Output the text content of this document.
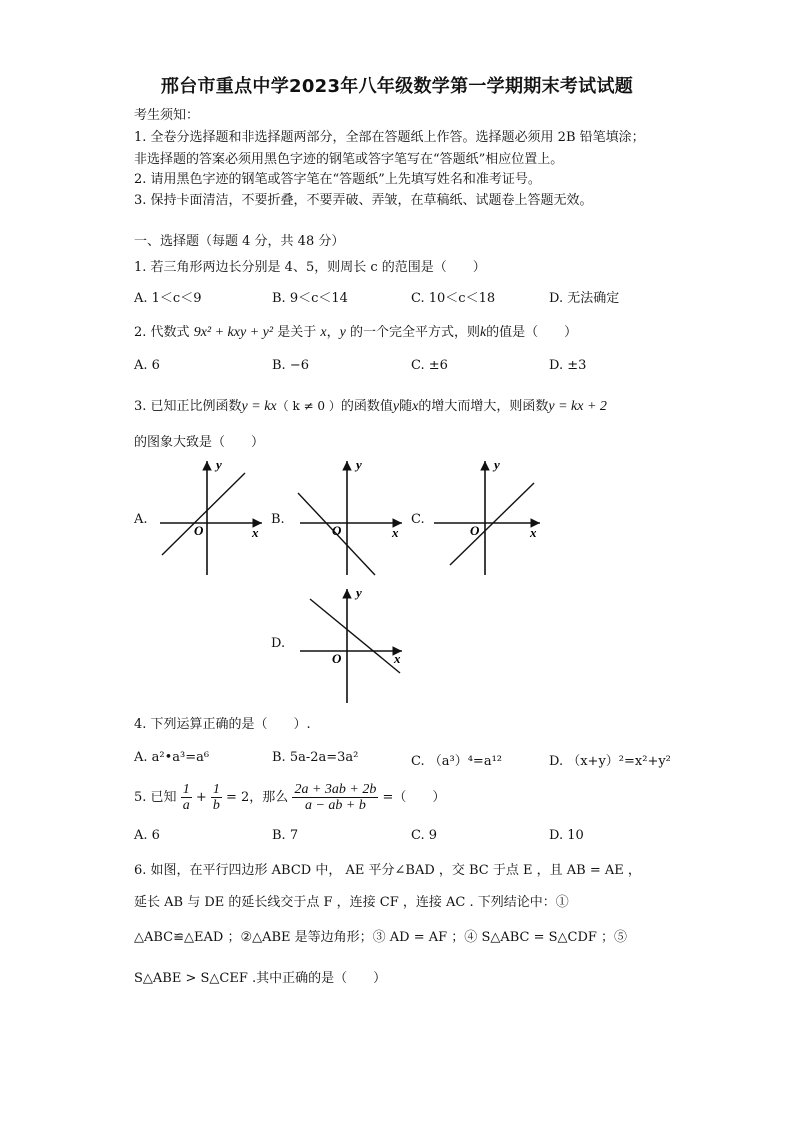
邢台市重点中学2023年八年级数学第一学期期末考试试题
考生须知：
1. 全卷分选择题和非选择题两部分，全部在答题纸上作答。选择题必须用 2B 铅笔填涂；
非选择题的答案必须用黑色字迹的钢笔或答字笔写在“答题纸”相应位置上。
2. 请用黑色字迹的钢笔或答字笔在“答题纸”上先填写姓名和准考证号。
3. 保持卡面清洁，不要折叠，不要弄破、弄皱，在草稿纸、试题卷上答题无效。
一、选择题（每题 4 分，共 48 分）
1. 若三角形两边长分别是 4、5，则周长 c 的范围是（　　）
A. 1＜c＜9	B. 9＜c＜14	C. 10＜c＜18	D. 无法确定
2. 代数式 9x² + kxy + y² 是关于 x，y 的一个完全平方式，则k的值是（　　）
A. 6	B. −6	C. ±6	D. ±3
3. 已知正比例函数y = kx（ k ≠ 0 ）的函数值y随x的增大而增大，则函数y = kx + 2
的图象大致是（　　）
A.	B.	C.
D.
y
x
O
y
x
O
y
x
O
y
x
O
4. 下列运算正确的是（　　）.
A. a²•a³=a⁶	B. 5a-2a=3a²	C. （a³）⁴=a¹²	D. （x+y）²=x²+y²
5. 已知 $\frac{1}{a} + \frac{1}{b} = 2$，那么 $\frac{2a + 3ab + 2b}{a - ab + b}$ =（　　）
A. 6	B. 7	C. 9	D. 10
6. 如图，在平行四边形 ABCD 中， AE 平分∠BAD ，交 BC 于点 E ，且 AB = AE ，
延长 AB 与 DE 的延长线交于点 F ，连接 CF ，连接 AC . 下列结论中：①
△ABC≌△EAD ；②△ABE 是等边角形；③ AD = AF ；④ S△ABC = S△CDF ；⑤
S△ABE > S△CEF .其中正确的是（　　）
